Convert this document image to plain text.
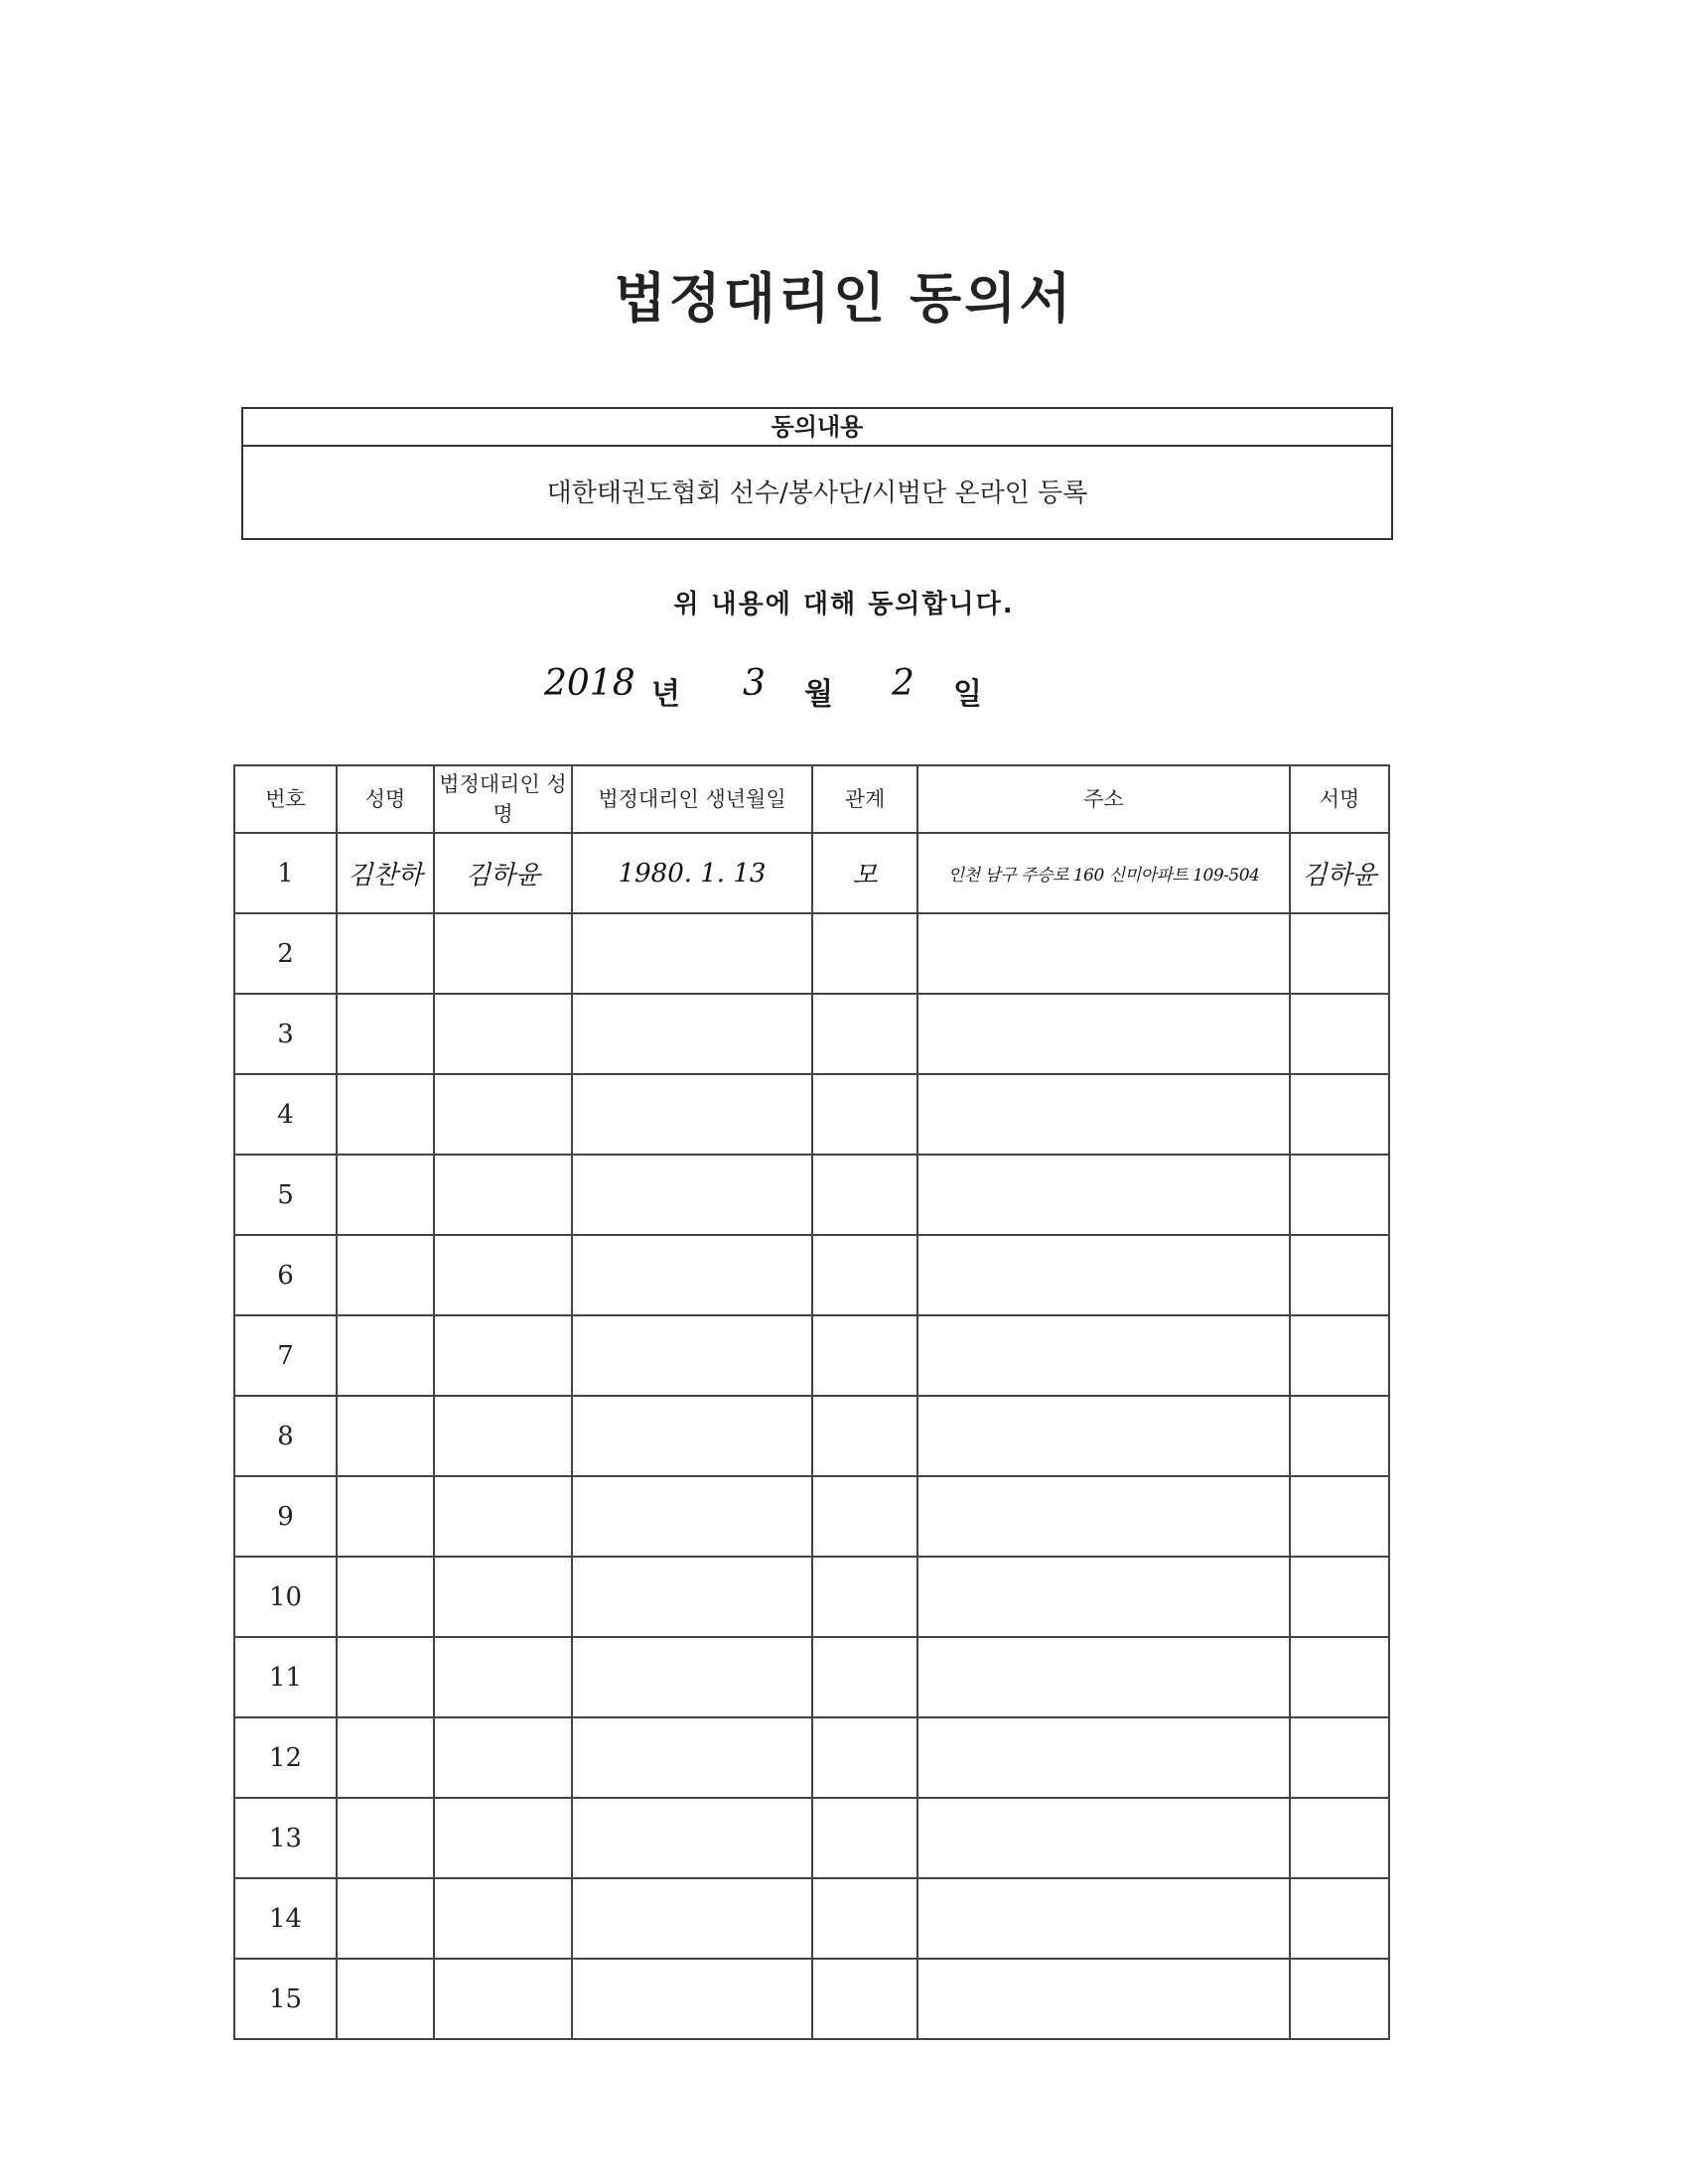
법정대리인 동의서
동의내용
대한태권도협회 선수/봉사단/시범단 온라인 등록
위 내용에 대해 동의합니다.
2018 년 3 월 2 일
번호	성명	법정대리인 성명	법정대리인 생년월일	관계	주소	서명
1	김찬하	김하윤	1980. 1. 13	모	인천 남구 주승로 160 신미아파트 109-504	김하윤
2						
3						
4						
5						
6						
7						
8						
9						
10						
11						
12						
13						
14						
15						
